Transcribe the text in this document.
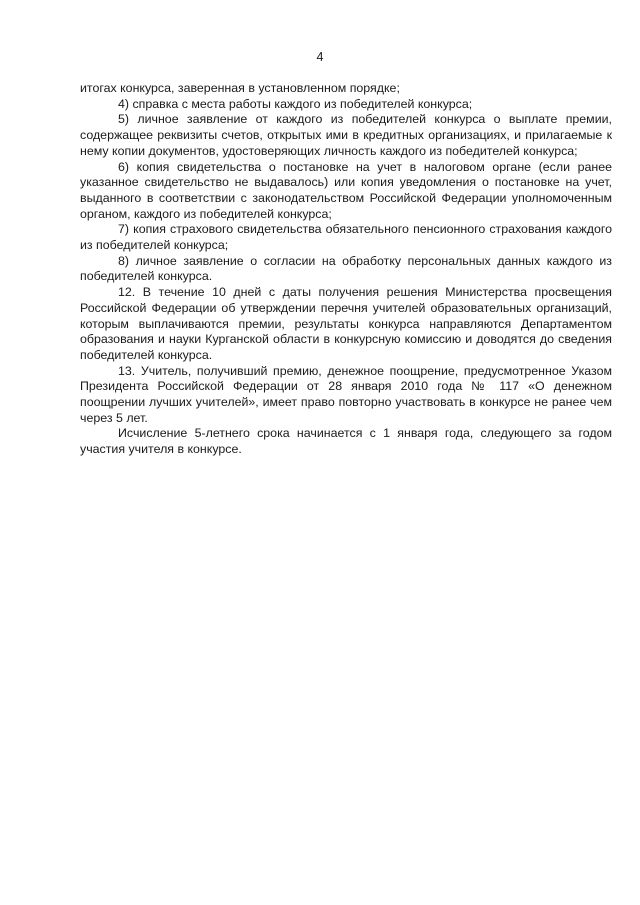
4

итогах конкурса, заверенная в установленном порядке;

4) справка с места работы каждого из победителей конкурса;

5) личное заявление от каждого из победителей конкурса о выплате премии, содержащее реквизиты счетов, открытых ими в кредитных организациях, и прилагаемые к нему копии документов, удостоверяющих личность каждого из победителей конкурса;

6) копия свидетельства о постановке на учет в налоговом органе (если ранее указанное свидетельство не выдавалось) или копия уведомления о постановке на учет, выданного в соответствии с законодательством Российской Федерации уполномоченным органом, каждого из победителей конкурса;

7) копия страхового свидетельства обязательного пенсионного страхования каждого из победителей конкурса;

8) личное заявление о согласии на обработку персональных данных каждого из победителей конкурса.

12. В течение 10 дней с даты получения решения Министерства просвещения Российской Федерации об утверждении перечня учителей образовательных организаций, которым выплачиваются премии, результаты конкурса направляются Департаментом образования и науки Курганской области в конкурсную комиссию и доводятся до сведения победителей конкурса.

13. Учитель, получивший премию, денежное поощрение, предусмотренное Указом Президента Российской Федерации от 28 января 2010 года № 117 «О денежном поощрении лучших учителей», имеет право повторно участвовать в конкурсе не ранее чем через 5 лет.

Исчисление 5-летнего срока начинается с 1 января года, следующего за годом участия учителя в конкурсе.
